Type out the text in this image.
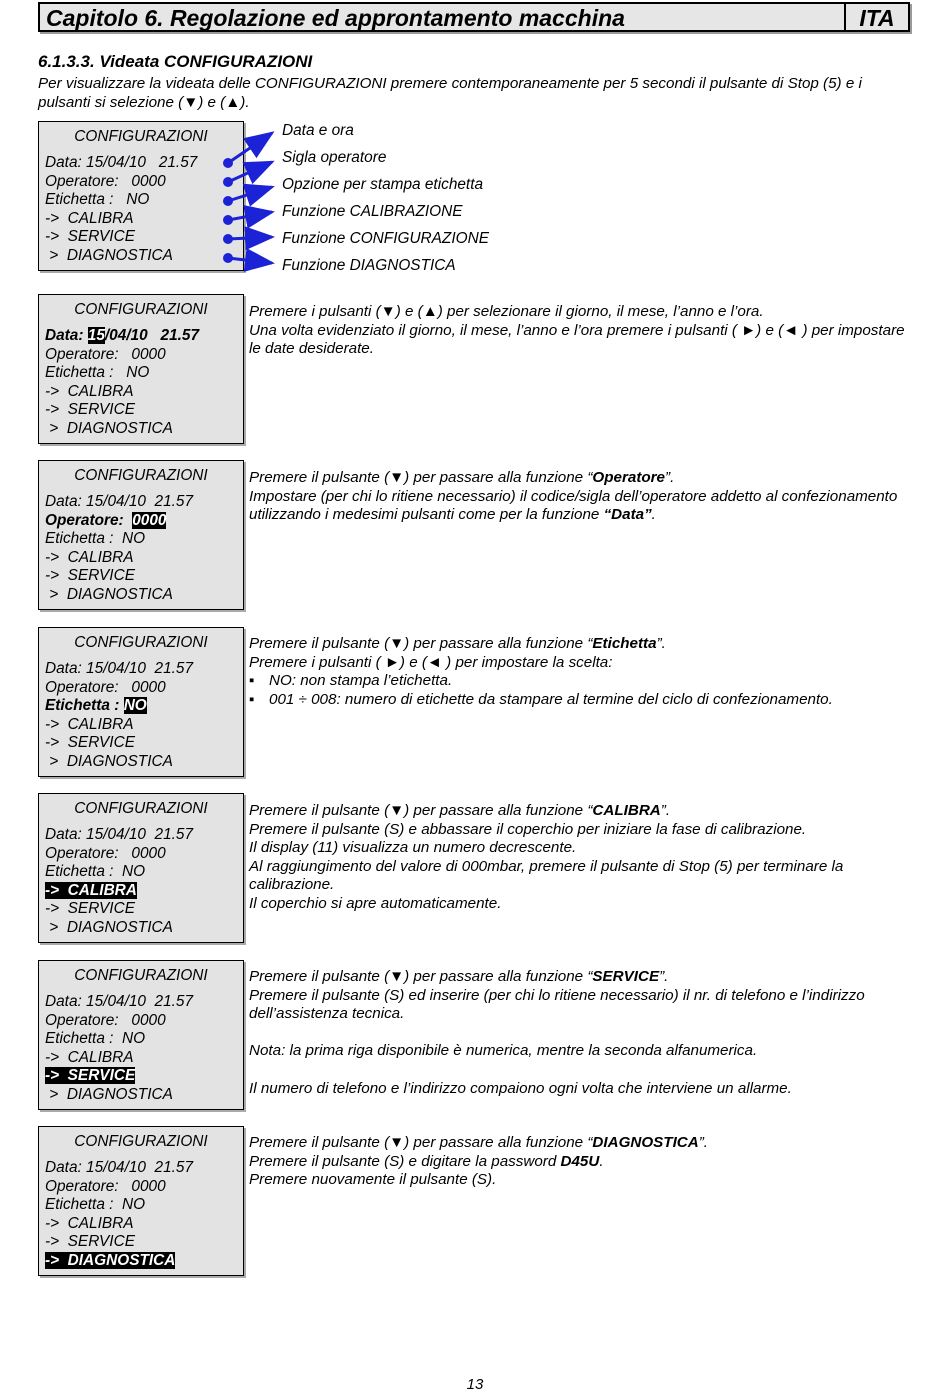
Capitolo 6. Regolazione ed approntamento macchina	ITA
6.1.3.3. Videata CONFIGURAZIONI
Per visualizzare la videata delle CONFIGURAZIONI premere contemporaneamente per 5 secondi il pulsante di Stop (5) e i pulsanti si selezione (▼) e (▲).
CONFIGURAZIONI
Data: 15/04/10   21.57
Operatore:   0000
Etichetta :   NO
->  CALIBRA
->  SERVICE
>  DIAGNOSTICA
Data e ora
Sigla operatore
Opzione per stampa etichetta
Funzione CALIBRAZIONE
Funzione CONFIGURAZIONE
Funzione DIAGNOSTICA
CONFIGURAZIONI
Data: 15/04/10   21.57
Operatore:   0000
Etichetta :   NO
->  CALIBRA
->  SERVICE
>  DIAGNOSTICA

Premere i pulsanti (▼) e (▲) per selezionare il giorno, il mese, l’anno e l’ora.

Una volta evidenziato il giorno, il mese, l’anno e l’ora premere i pulsanti ( ►) e (◄ ) per impostare le date desiderate.

CONFIGURAZIONI
Data: 15/04/10  21.57
Operatore:  0000
Etichetta :  NO
->  CALIBRA
->  SERVICE
>  DIAGNOSTICA

Premere il pulsante (▼) per passare alla funzione “Operatore”.

Impostare (per chi lo ritiene necessario) il codice/sigla dell’operatore addetto al confezionamento utilizzando i medesimi pulsanti come per la funzione “Data”.

CONFIGURAZIONI
Data: 15/04/10  21.57
Operatore:   0000
Etichetta : NO
->  CALIBRA
->  SERVICE
>  DIAGNOSTICA

Premere il pulsante (▼) per passare alla funzione “Etichetta”.

Premere i pulsanti ( ►) e (◄ ) per impostare la scelta:

▪ NO: non stampa l’etichetta.

▪ 001 ÷ 008: numero di etichette da stampare al termine del ciclo di confezionamento.

CONFIGURAZIONI
Data: 15/04/10  21.57
Operatore:   0000
Etichetta :  NO
->  CALIBRA
->  SERVICE
>  DIAGNOSTICA

Premere il pulsante (▼) per passare alla funzione “CALIBRA”.

Premere il pulsante (S) e abbassare il coperchio per iniziare la fase di calibrazione.

Il display (11) visualizza un numero decrescente.

Al raggiungimento del valore di 000mbar, premere il pulsante di Stop (5) per terminare la calibrazione.

Il coperchio si apre automaticamente.

CONFIGURAZIONI
Data: 15/04/10  21.57
Operatore:   0000
Etichetta :  NO
->  CALIBRA
->  SERVICE
>  DIAGNOSTICA

Premere il pulsante (▼) per passare alla funzione “SERVICE”.

Premere il pulsante (S) ed inserire (per chi lo ritiene necessario) il nr. di telefono e l’indirizzo dell’assistenza tecnica.

Nota: la prima riga disponibile è numerica, mentre la seconda alfanumerica.

Il numero di telefono e l’indirizzo compaiono ogni volta che interviene un allarme.

CONFIGURAZIONI
Data: 15/04/10  21.57
Operatore:   0000
Etichetta :  NO
->  CALIBRA
->  SERVICE
->  DIAGNOSTICA

Premere il pulsante (▼) per passare alla funzione “DIAGNOSTICA”.

Premere il pulsante (S) e digitare la password D45U.

Premere nuovamente il pulsante (S).

13
